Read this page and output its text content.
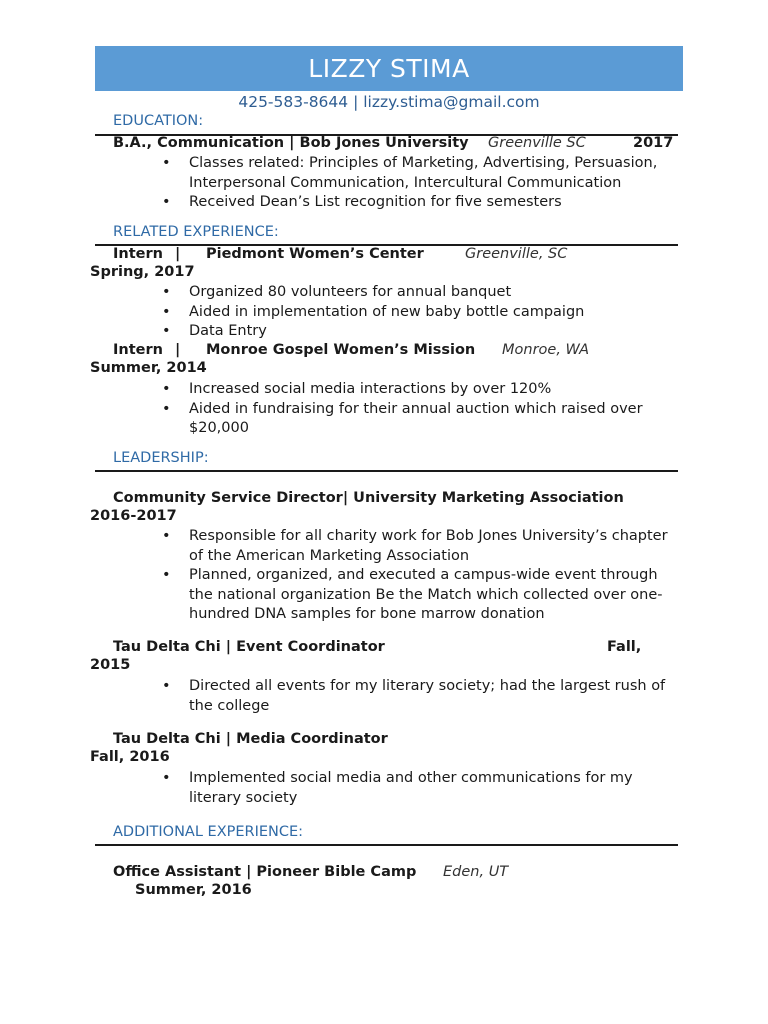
LIZZY STIMA
425-583-8644 | lizzy.stima@gmail.com
EDUCATION:
B.A., Communication | Bob Jones University Greenville SC	2017
• Classes related: Principles of Marketing, Advertising, Persuasion, Interpersonal Communication, Intercultural Communication
• Received Dean’s List recognition for five semesters
RELATED EXPERIENCE:
Intern | Piedmont Women’s Center	Greenville, SC
Spring, 2017
• Organized 80 volunteers for annual banquet
• Aided in implementation of new baby bottle campaign
• Data Entry
Intern | Monroe Gospel Women’s Mission Monroe, WA
Summer, 2014
• Increased social media interactions by over 120%
• Aided in fundraising for their annual auction which raised over $20,000
LEADERSHIP:
Community Service Director| University Marketing Association
2016-2017
• Responsible for all charity work for Bob Jones University’s chapter of the American Marketing Association
• Planned, organized, and executed a campus-wide event through the national organization Be the Match which collected over one-hundred DNA samples for bone marrow donation
Tau Delta Chi | Event Coordinator	Fall,
2015
• Directed all events for my literary society; had the largest rush of the college
Tau Delta Chi | Media Coordinator
Fall, 2016
• Implemented social media and other communications for my literary society
ADDITIONAL EXPERIENCE:
Office Assistant | Pioneer Bible Camp Eden, UT
Summer, 2016
